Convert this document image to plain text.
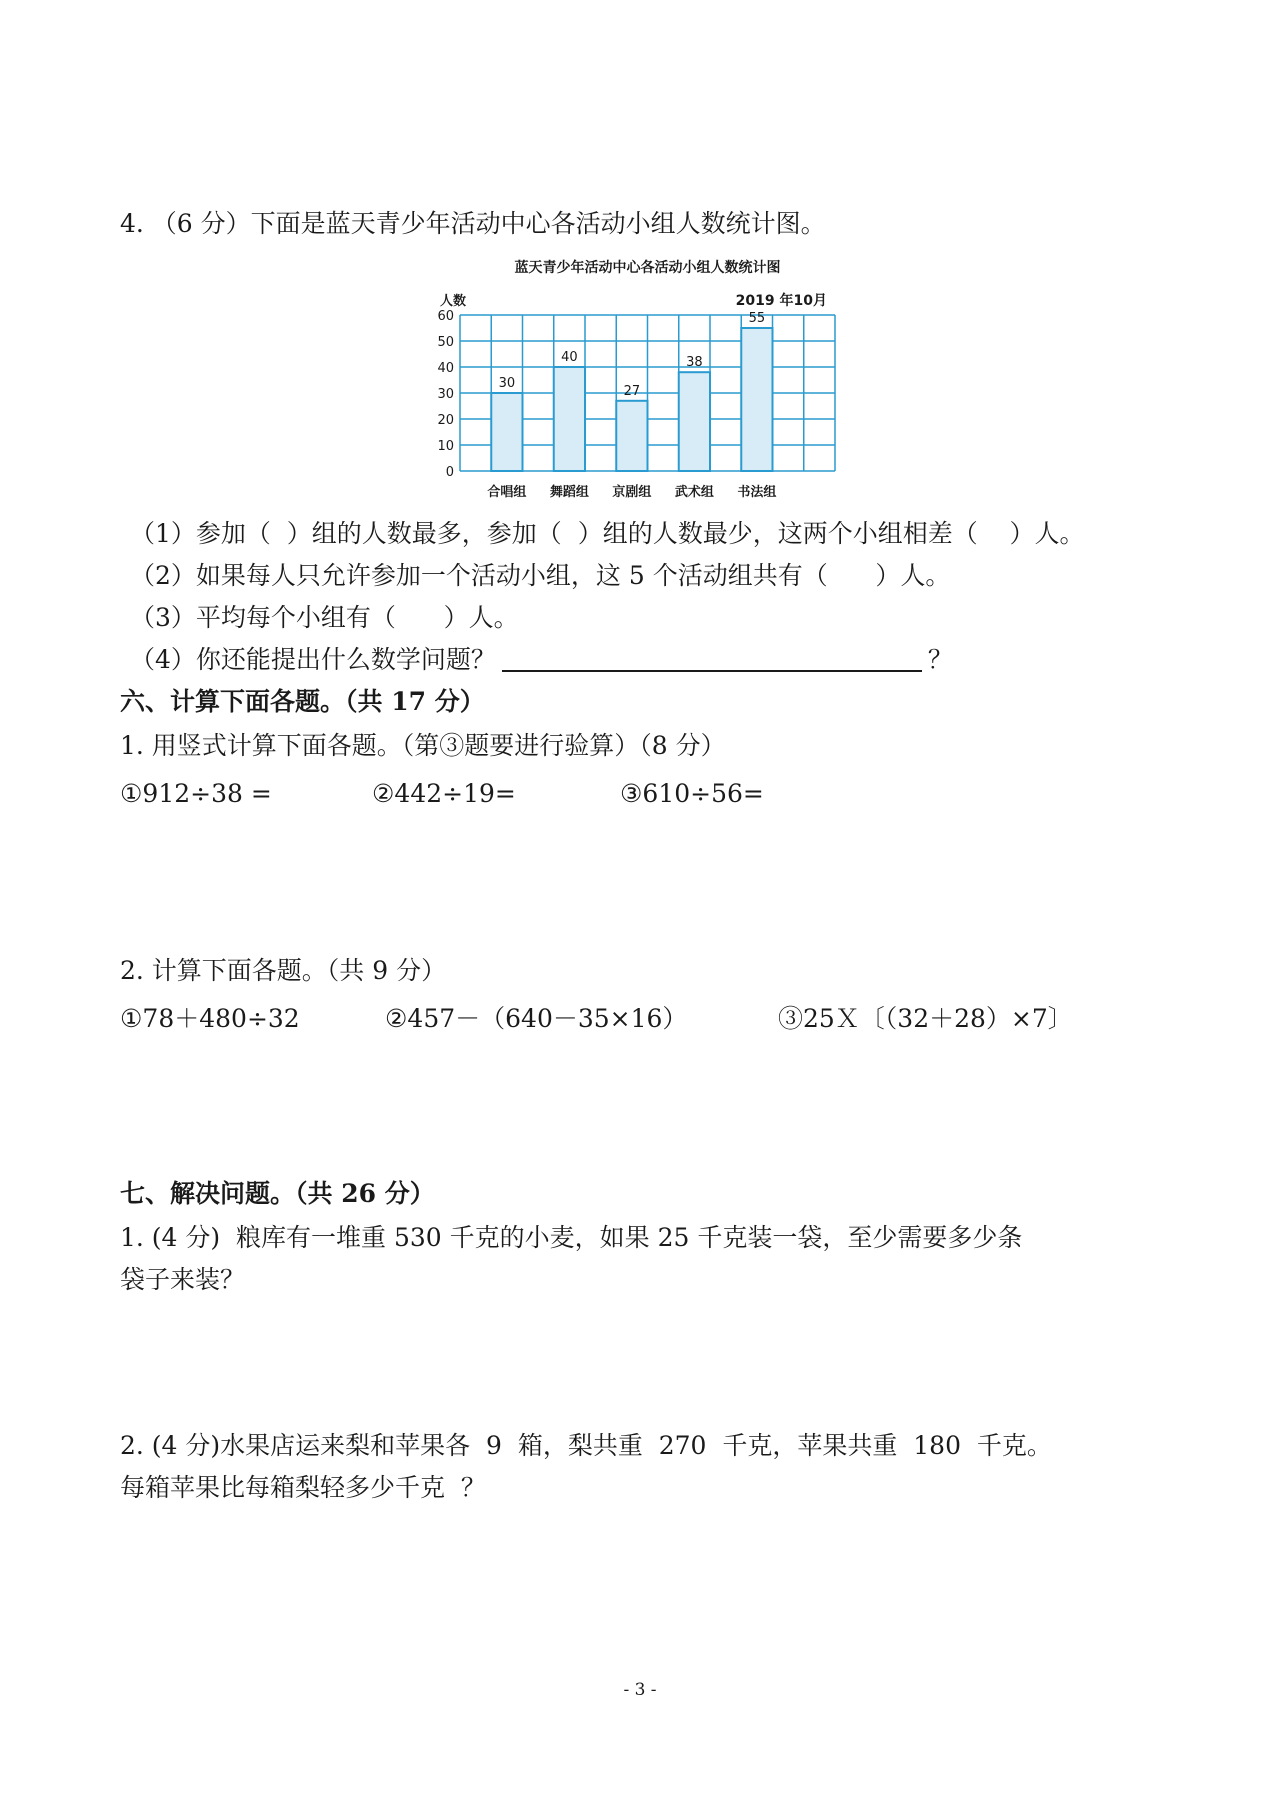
4. （6 分）下面是蓝天青少年活动中心各活动小组人数统计图。
蓝天青少年活动中心各活动小组人数统计图
人数	2019 年10月
0
10
20
30
40
50
60
30
合唱组
40
舞蹈组
27
京剧组
38
武术组
55
书法组
（1）参加（  ）组的人数最多，参加（  ）组的人数最少，这两个小组相差（    ）人。
（2）如果每人只允许参加一个活动小组，这 5 个活动组共有（      ）人。
（3）平均每个小组有（      ）人。
（4）你还能提出什么数学问题？	？
六、计算下面各题。（共 17 分）
1. 用竖式计算下面各题。（第③题要进行验算）（8 分）
①912÷38 =	②442÷19=	③610÷56=
2. 计算下面各题。（共 9 分）
①78＋480÷32	②457－（640－35×16）	③25Ｘ〔（32＋28）×7〕
七、解决问题。（共 26 分）
1. (4 分)  粮库有一堆重 530 千克的小麦，如果 25 千克装一袋，至少需要多少条
袋子来装？
2. (4 分)水果店运来梨和苹果各  9  箱，梨共重  270  千克，苹果共重  180  千克。
每箱苹果比每箱梨轻多少千克  ？
- 3 -
